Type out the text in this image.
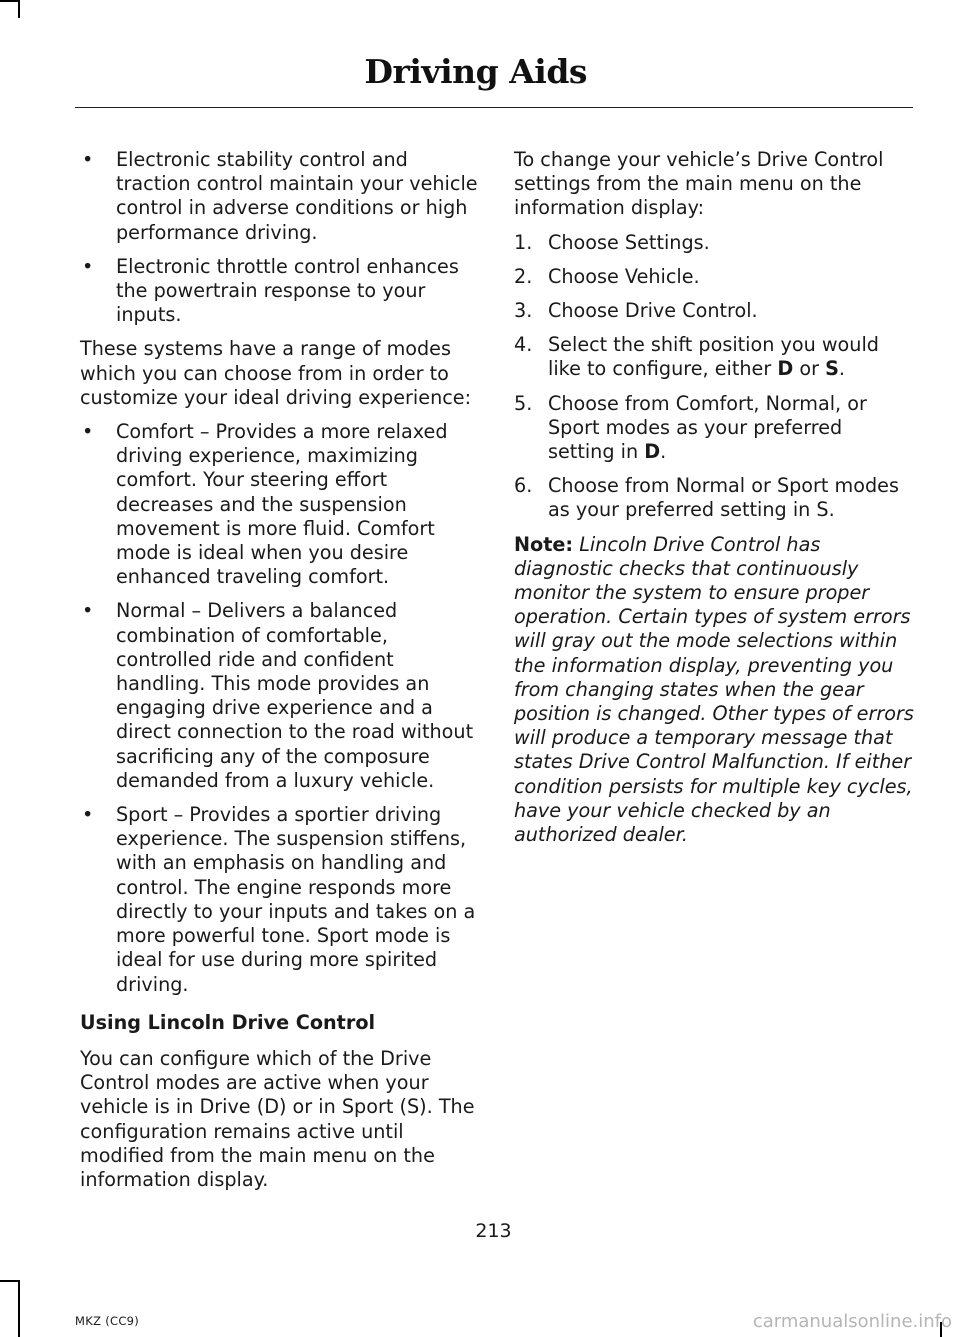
Driving Aids
• Electronic stability control and traction control maintain your vehicle control in adverse conditions or high performance driving.
• Electronic throttle control enhances the powertrain response to your inputs.

These systems have a range of modes which you can choose from in order to customize your ideal driving experience:

• Comfort – Provides a more relaxed driving experience, maximizing comfort. Your steering effort decreases and the suspension movement is more fluid. Comfort mode is ideal when you desire enhanced traveling comfort.
• Normal – Delivers a balanced combination of comfortable, controlled ride and confident handling. This mode provides an engaging drive experience and a direct connection to the road without sacrificing any of the composure demanded from a luxury vehicle.
• Sport – Provides a sportier driving experience. The suspension stiffens, with an emphasis on handling and control. The engine responds more directly to your inputs and takes on a more powerful tone. Sport mode is ideal for use during more spirited driving.
Using Lincoln Drive Control

You can configure which of the Drive Control modes are active when your vehicle is in Drive (D) or in Sport (S). The configuration remains active until modified from the main menu on the information display.

To change your vehicle’s Drive Control settings from the main menu on the information display:

1. Choose Settings.
2. Choose Vehicle.
3. Choose Drive Control.
4. Select the shift position you would like to configure, either D or S.
5. Choose from Comfort, Normal, or Sport modes as your preferred setting in D.
6. Choose from Normal or Sport modes as your preferred setting in S.

Note: Lincoln Drive Control has diagnostic checks that continuously monitor the system to ensure proper operation. Certain types of system errors will gray out the mode selections within the information display, preventing you from changing states when the gear position is changed. Other types of errors will produce a temporary message that states Drive Control Malfunction. If either condition persists for multiple key cycles, have your vehicle checked by an authorized dealer.

213
MKZ (CC9)	carmanualsonline.info
